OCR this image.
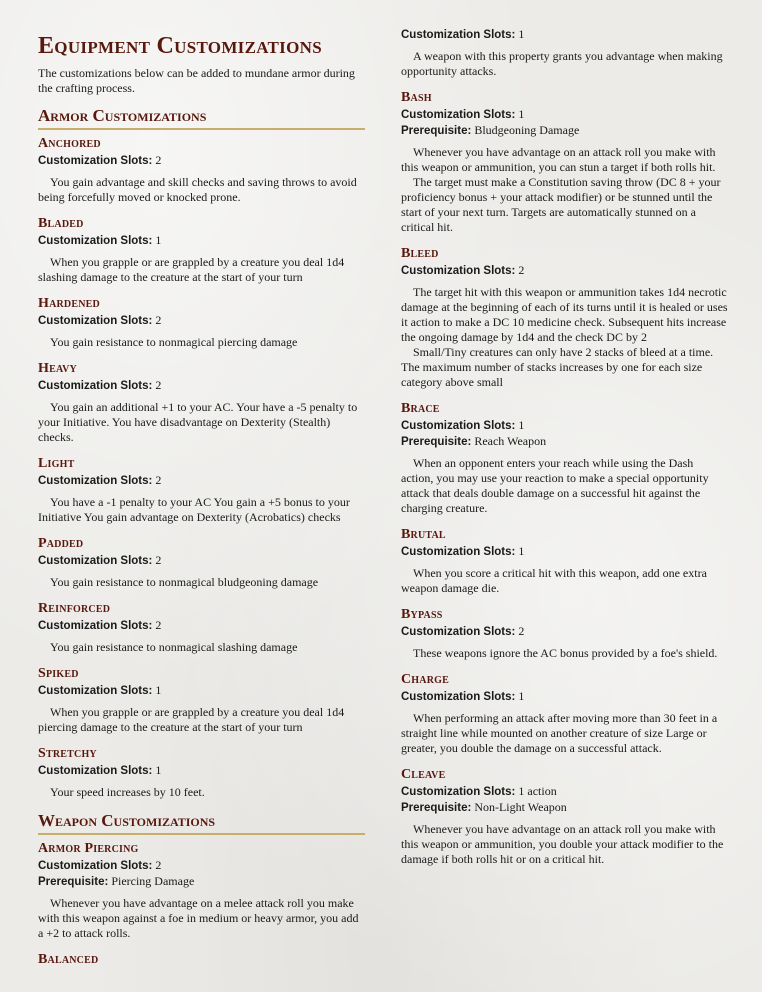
Equipment Customizations

The customizations below can be added to mundane armor during the crafting process.

Armor Customizations
Anchored
Customization Slots: 2

You gain advantage and skill checks and saving throws to avoid being forcefully moved or knocked prone.

Bladed
Customization Slots: 1

When you grapple or are grappled by a creature you deal 1d4 slashing damage to the creature at the start of your turn

Hardened
Customization Slots: 2

You gain resistance to nonmagical piercing damage

Heavy
Customization Slots: 2

You gain an additional +1 to your AC. Your have a -5 penalty to your Initiative. You have disadvantage on Dexterity (Stealth) checks.

Light
Customization Slots: 2

You have a -1 penalty to your AC You gain a +5 bonus to your Initiative You gain advantage on Dexterity (Acrobatics) checks

Padded
Customization Slots: 2

You gain resistance to nonmagical bludgeoning damage

Reinforced
Customization Slots: 2

You gain resistance to nonmagical slashing damage

Spiked
Customization Slots: 1

When you grapple or are grappled by a creature you deal 1d4 piercing damage to the creature at the start of your turn

Stretchy
Customization Slots: 1

Your speed increases by 10 feet.

Weapon Customizations
Armor Piercing
Customization Slots: 2
Prerequisite: Piercing Damage

Whenever you have advantage on a melee attack roll you make with this weapon against a foe in medium or heavy armor, you add a +2 to attack rolls.

Balanced
Customization Slots: 1

A weapon with this property grants you advantage when making opportunity attacks.

Bash
Customization Slots: 1
Prerequisite: Bludgeoning Damage

Whenever you have advantage on an attack roll you make with this weapon or ammunition, you can stun a target if both rolls hit.

The target must make a Constitution saving throw (DC 8 + your proficiency bonus + your attack modifier) or be stunned until the start of your next turn. Targets are automatically stunned on a critical hit.

Bleed
Customization Slots: 2

The target hit with this weapon or ammunition takes 1d4 necrotic damage at the beginning of each of its turns until it is healed or uses it action to make a DC 10 medicine check. Subsequent hits increase the ongoing damage by 1d4 and the check DC by 2

Small/Tiny creatures can only have 2 stacks of bleed at a time. The maximum number of stacks increases by one for each size category above small

Brace
Customization Slots: 1
Prerequisite: Reach Weapon

When an opponent enters your reach while using the Dash action, you may use your reaction to make a special opportunity attack that deals double damage on a successful hit against the charging creature.

Brutal
Customization Slots: 1

When you score a critical hit with this weapon, add one extra weapon damage die.

Bypass
Customization Slots: 2

These weapons ignore the AC bonus provided by a foe's shield.

Charge
Customization Slots: 1

When performing an attack after moving more than 30 feet in a straight line while mounted on another creature of size Large or greater, you double the damage on a successful attack.

Cleave
Customization Slots: 1 action
Prerequisite: Non-Light Weapon

Whenever you have advantage on an attack roll you make with this weapon or ammunition, you double your attack modifier to the damage if both rolls hit or on a critical hit.
